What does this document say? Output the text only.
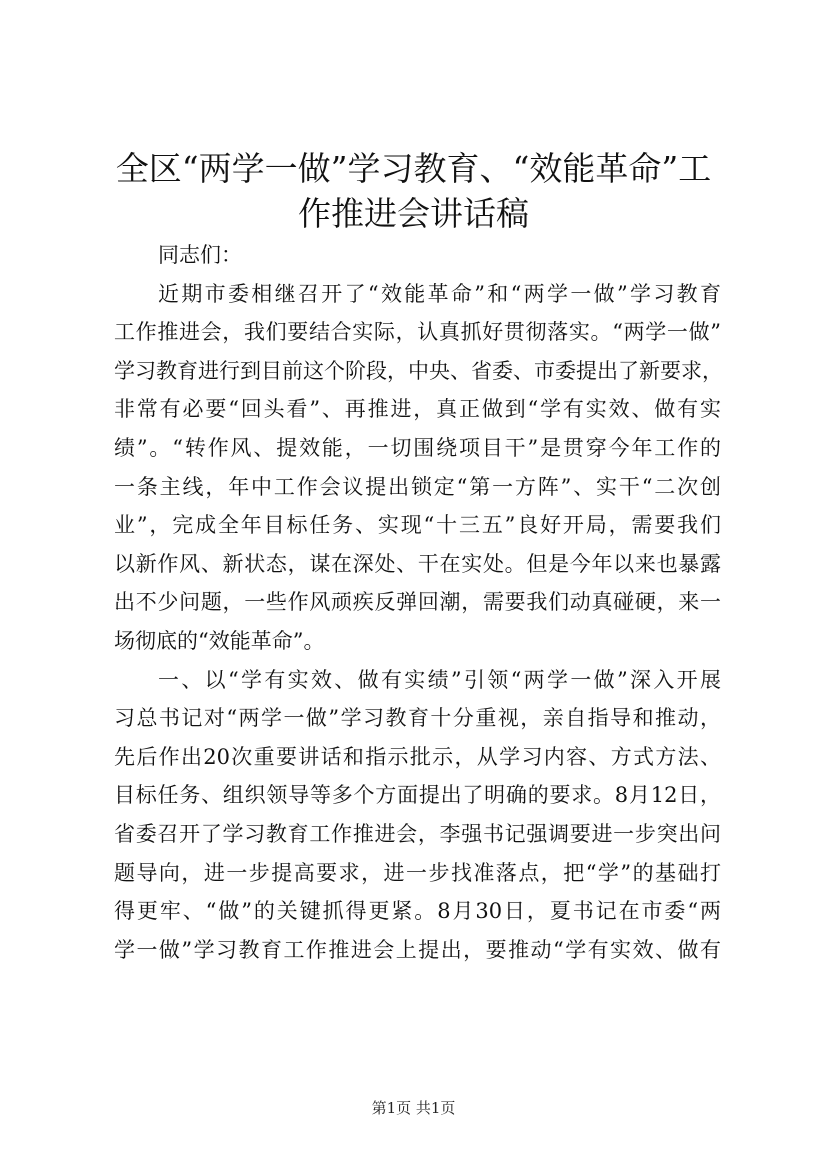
全区“两学一做”学习教育、“效能革命”工
作推进会讲话稿
同志们：
近期市委相继召开了“效能革命”和“两学一做”学习教育
工作推进会，我们要结合实际，认真抓好贯彻落实。“两学一做”
学习教育进行到目前这个阶段，中央、省委、市委提出了新要求，
非常有必要“回头看”、再推进，真正做到“学有实效、做有实
绩”。“转作风、提效能，一切围绕项目干”是贯穿今年工作的
一条主线，年中工作会议提出锁定“第一方阵”、实干“二次创
业”，完成全年目标任务、实现“十三五”良好开局，需要我们
以新作风、新状态，谋在深处、干在实处。但是今年以来也暴露
出不少问题，一些作风顽疾反弹回潮，需要我们动真碰硬，来一
场彻底的“效能革命”。
一、以“学有实效、做有实绩”引领“两学一做”深入开展
习总书记对“两学一做”学习教育十分重视，亲自指导和推动，
先后作出20次重要讲话和指示批示，从学习内容、方式方法、
目标任务、组织领导等多个方面提出了明确的要求。8月12日，
省委召开了学习教育工作推进会，李强书记强调要进一步突出问
题导向，进一步提高要求，进一步找准落点，把“学”的基础打
得更牢、“做”的关键抓得更紧。8月30日，夏书记在市委“两
学一做”学习教育工作推进会上提出，要推动“学有实效、做有
第1页 共1页
